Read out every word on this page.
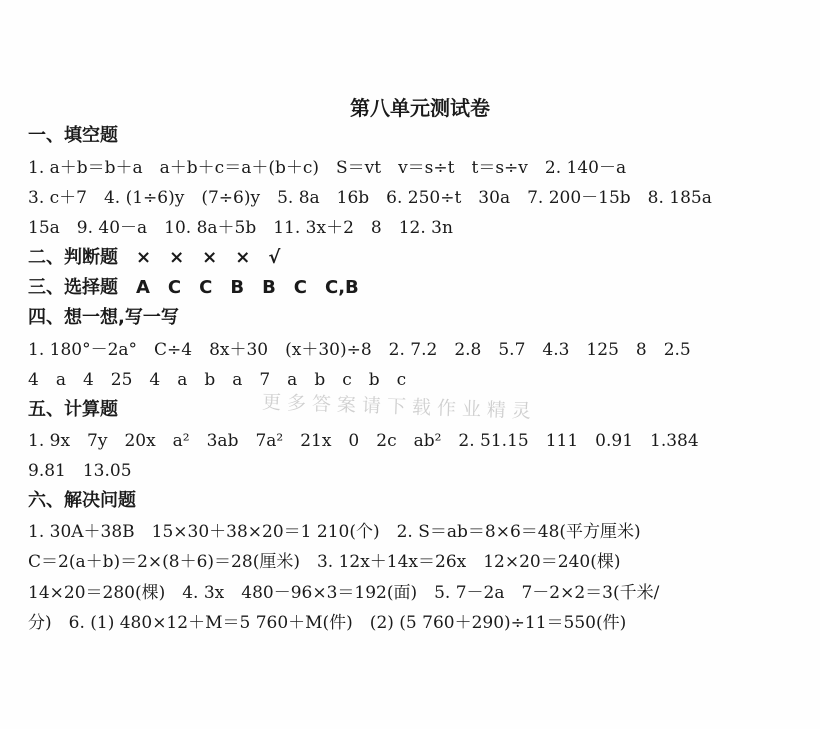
第八单元测试卷
一、填空题
1. a＋b＝b＋a　a＋b＋c＝a＋(b＋c)　S＝vt　v＝s÷t　t＝s÷v　2. 140－a
3. c＋7　4. (1÷6)y　(7÷6)y　5. 8a　16b　6. 250÷t　30a　7. 200－15b　8. 185a
15a　9. 40－a　10. 8a＋5b　11. 3x＋2　8　12. 3n
二、判断题　×　×　×　×　√
三、选择题　A　C　C　B　B　C　C,B
四、想一想,写一写
1. 180°－2a°　C÷4　8x＋30　(x＋30)÷8　2. 7.2　2.8　5.7　4.3　125　8　2.5
4　a　4　25　4　a　b　a　7　a　b　c　b　c
五、计算题
1. 9x　7y　20x　a²　3ab　7a²　21x　0　2c　ab²　2. 51.15　111　0.91　1.384
9.81　13.05
六、解决问题
1. 30A＋38B　15×30＋38×20＝1 210(个)　2. S＝ab＝8×6＝48(平方厘米)
C＝2(a＋b)＝2×(8＋6)＝28(厘米)　3. 12x＋14x＝26x　12×20＝240(棵)
14×20＝280(棵)　4. 3x　480－96×3＝192(面)　5. 7－2a　7－2×2＝3(千米/
分)　6. (1) 480×12＋M＝5 760＋M(件)　(2) (5 760＋290)÷11＝550(件)
更多答案请下载作业精灵
